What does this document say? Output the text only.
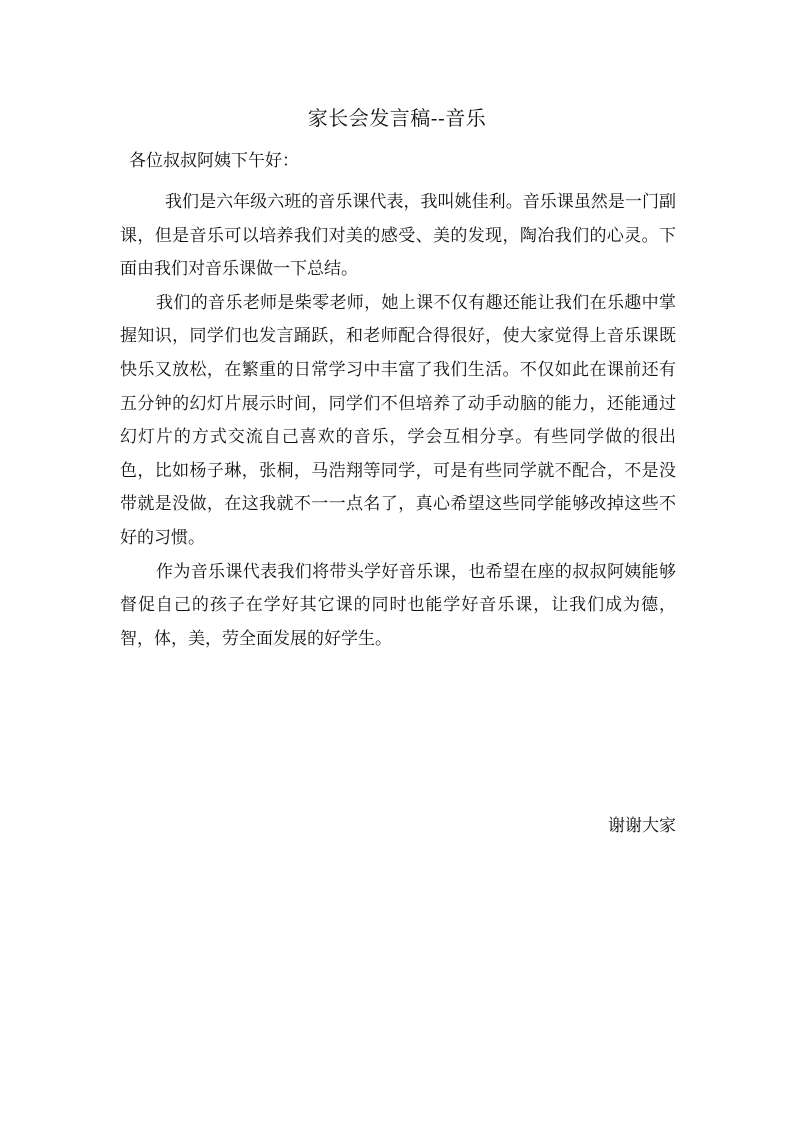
家长会发言稿--音乐
各位叔叔阿姨下午好：

我们是六年级六班的音乐课代表，我叫姚佳利。音乐课虽然是一门副课，但是音乐可以培养我们对美的感受、美的发现，陶冶我们的心灵。下面由我们对音乐课做一下总结。

我们的音乐老师是柴零老师，她上课不仅有趣还能让我们在乐趣中掌握知识，同学们也发言踊跃，和老师配合得很好，使大家觉得上音乐课既快乐又放松，在繁重的日常学习中丰富了我们生活。不仅如此在课前还有五分钟的幻灯片展示时间，同学们不但培养了动手动脑的能力，还能通过幻灯片的方式交流自己喜欢的音乐，学会互相分享。有些同学做的很出色，比如杨子琳，张桐，马浩翔等同学，可是有些同学就不配合，不是没带就是没做，在这我就不一一点名了，真心希望这些同学能够改掉这些不好的习惯。

作为音乐课代表我们将带头学好音乐课，也希望在座的叔叔阿姨能够督促自己的孩子在学好其它课的同时也能学好音乐课，让我们成为德，智，体，美，劳全面发展的好学生。

谢谢大家
